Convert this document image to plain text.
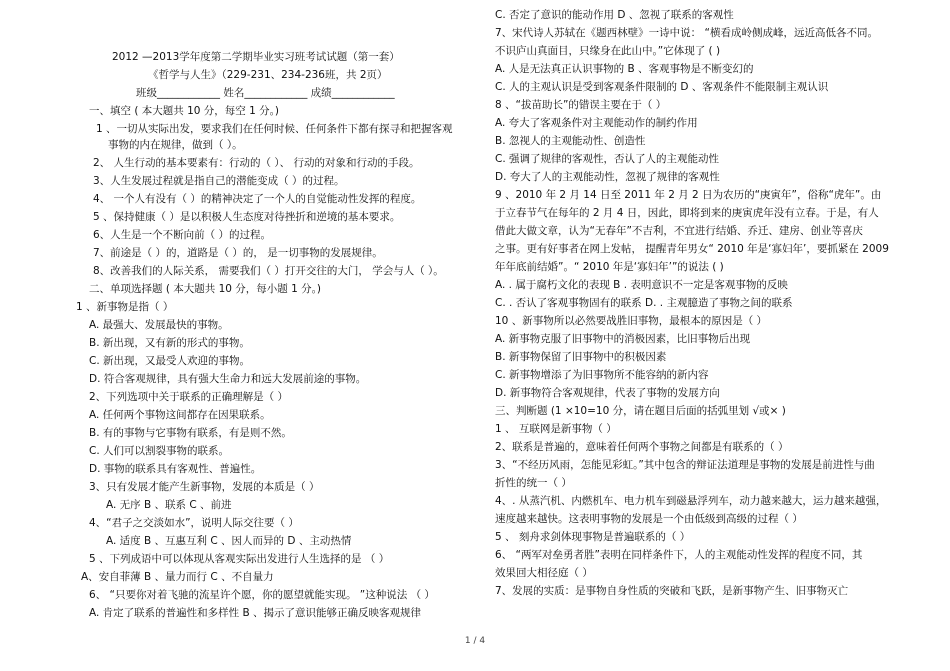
2012 —2013学年度第二学期毕业实习班考试试题（第一套）
《哲学与人生》（229-231、234-236班，共 2页）
班级____________ 姓名____________ 成绩____________
一、填空 ( 本大题共 10 分，每空 1 分。)
1 、一切从实际出发，要求我们在任何时候、任何条件下都有探寻和把握客观
事物的内在规律，做到（ ）。
2、 人生行动的基本要素有：行动的（ ）、 行动的对象和行动的手段。
3、人生发展过程就是指自己的潜能变成（ ）的过程。
4、 一个人有没有（ ）的精神决定了一个人的自觉能动性发挥的程度。
5 、保持健康（ ）是以积极人生态度对待挫折和逆境的基本要求。
6、人生是一个不断向前（ ）的过程。
7、前途是（ ）的，道路是（ ）的， 是一切事物的发展规律。
8、改善我们的人际关系， 需要我们（ ）打开交往的大门， 学会与人（ ）。
二、单项选择题 ( 本大题共 10 分，每小题 1 分。)
1 、新事物是指（ ）
A. 最强大、发展最快的事物。
B. 新出现，又有新的形式的事物。
C. 新出现，又最受人欢迎的事物。
D. 符合客观规律，具有强大生命力和远大发展前途的事物。
2、下列选项中关于联系的正确理解是（ ）
A. 任何两个事物这间都存在因果联系。
B. 有的事物与它事物有联系，有是则不然。
C. 人们可以割裂事物的联系。
D. 事物的联系具有客观性、普遍性。
3、只有发展才能产生新事物，发展的本质是（ ）
A. 无序 B 、联系 C 、前进
4、“君子之交淡如水”，说明人际交往要（ ）
A. 适度 B 、互惠互利 C 、因人而异的 D 、主动热情
5 、下列成语中可以体现从客观实际出发进行人生选择的是 （ ）
A、安自菲薄 B 、量力而行 C 、不自量力
6、 “只要你对着飞驰的流星许个愿，你的愿望就能实现。 ”这种说法 （ ）
A. 肯定了联系的普遍性和多样性 B 、揭示了意识能够正确反映客观规律
C. 否定了意识的能动作用 D 、忽视了联系的客观性
7、宋代诗人苏轼在《题西林壁》一诗中说： “横看成岭侧成峰，远近高低各不同。
不识庐山真面目，只缘身在此山中。”它体现了 ( )
A. 人是无法真正认识事物的 B 、客观事物是不断变幻的
C. 人的主观认识是受到客观条件限制的 D 、客观条件不能限制主观认识
8 、“拔苗助长”的错误主要在于（ ）
A. 夸大了客观条件对主观能动作的制约作用
B. 忽视人的主观能动性、创造性
C. 强调了规律的客观性，否认了人的主观能动性
D. 夸大了人的主观能动性，忽视了规律的客观性
9 、2010 年 2 月 14 日至 2011 年 2 月 2 日为农历的“庚寅年”，俗称“虎年”。由
于立春节气在每年的 2 月 4 日，因此，即将到来的庚寅虎年没有立春。于是，有人
借此大做文章，认为“无春年”不吉利，不宜进行结婚、乔迁、建房、创业等喜庆
之事。更有好事者在网上发帖， 提醒青年男女“ 2010 年是‘寡妇年’，要抓紧在 2009
年年底前结婚”。“ 2010 年是‘寡妇年’”的说法 ( )
A. . 属于腐朽文化的表现 B . 表明意识不一定是客观事物的反映
C. . 否认了客观事物固有的联系 D. . 主观臆造了事物之间的联系
10 、新事物所以必然要战胜旧事物，最根本的原因是（ ）
A. 新事物克服了旧事物中的消极因素，比旧事物后出现
B. 新事物保留了旧事物中的积极因素
C. 新事物增添了为旧事物所不能容纳的新内容
D. 新事物符合客观规律，代表了事物的发展方向
三、判断题 (1 ×10=10 分，请在题目后面的括弧里划 √或× )
1 、 互联网是新事物（ ）
2、联系是普遍的，意味着任何两个事物之间都是有联系的（ ）
3、“不经历风雨，怎能见彩虹。”其中包含的辩证法道理是事物的发展是前进性与曲
折性的统一（ ）
4、. 从蒸汽机、内燃机车、电力机车到磁悬浮列车，动力越来越大，运力越来越强，
速度越来越快。这表明事物的发展是一个由低级到高级的过程（ ）
5 、 刻舟求剑体现事物是普遍联系的（ ）
6、 “两军对垒勇者胜”表明在同样条件下，人的主观能动性发挥的程度不同，其
效果回大相径庭（ ）
7、发展的实质：是事物自身性质的突破和飞跃，是新事物产生、旧事物灭亡
1 / 4
